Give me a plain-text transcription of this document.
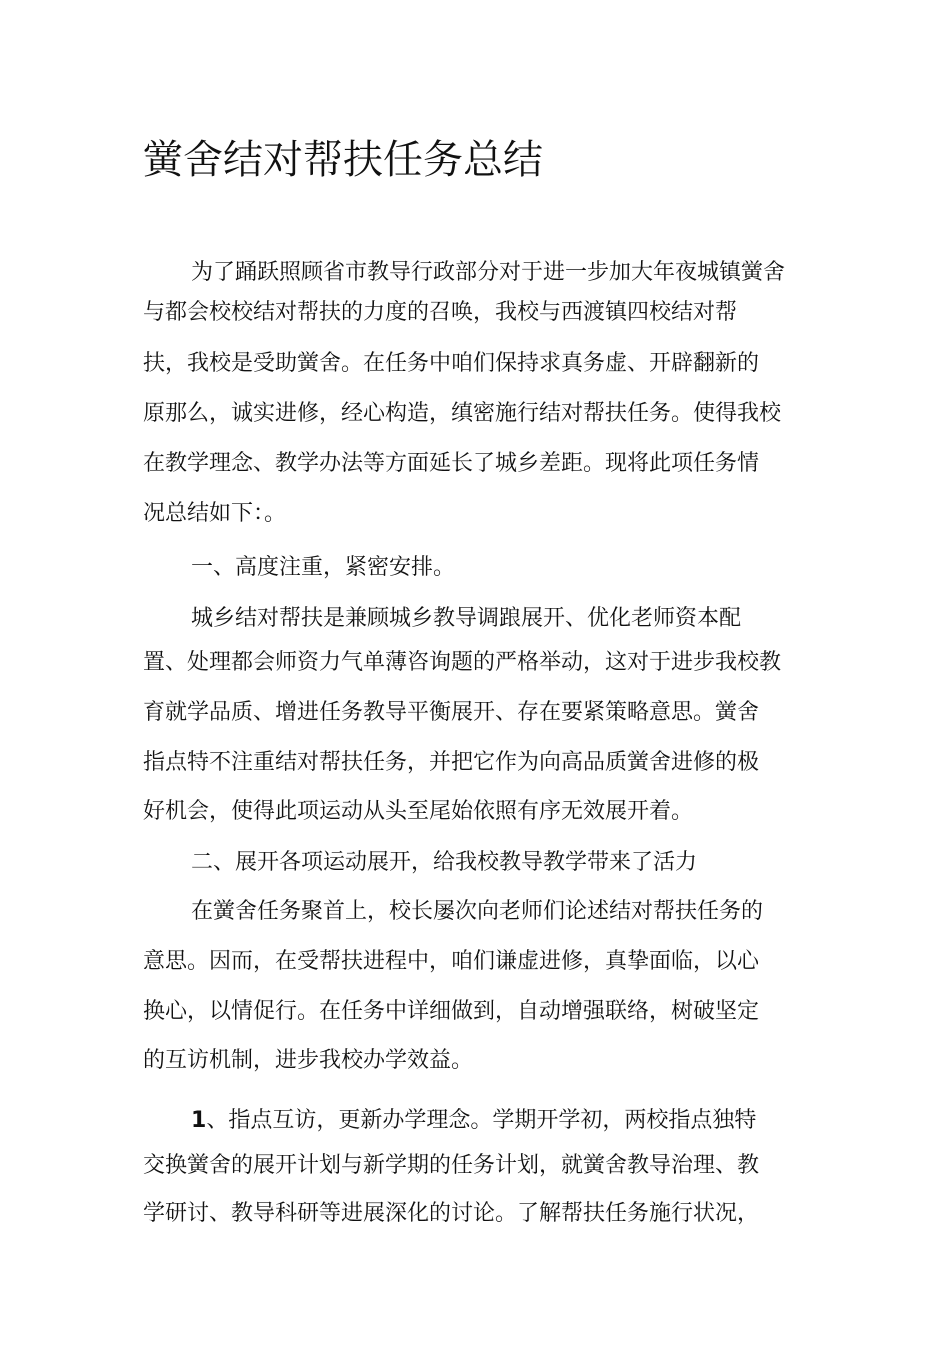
黉舍结对帮扶任务总结
为了踊跃照顾省市教导行政部分对于进一步加大年夜城镇黉舍
与都会校校结对帮扶的力度的召唤，我校与西渡镇四校结对帮
扶，我校是受助黉舍。在任务中咱们保持求真务虚、开辟翻新的
原那么，诚实进修，经心构造，缜密施行结对帮扶任务。使得我校
在教学理念、教学办法等方面延长了城乡差距。现将此项任务情
况总结如下：。
一、高度注重，紧密安排。
城乡结对帮扶是兼顾城乡教导调踉展开、优化老师资本配
置、处理都会师资力气单薄咨询题的严格举动，这对于进步我校教
育就学品质、增进任务教导平衡展开、存在要紧策略意思。黉舍
指点特不注重结对帮扶任务，并把它作为向高品质黉舍进修的极
好机会，使得此项运动从头至尾始依照有序无效展开着。
二、展开各项运动展开，给我校教导教学带来了活力
在黉舍任务聚首上，校长屡次向老师们论述结对帮扶任务的
意思。因而，在受帮扶进程中，咱们谦虚进修，真挚面临，以心
换心，以情促行。在任务中详细做到，自动增强联络，树破坚定
的互访机制，进步我校办学效益。
1、指点互访，更新办学理念。学期开学初，两校指点独特
交换黉舍的展开计划与新学期的任务计划，就黉舍教导治理、教
学研讨、教导科研等进展深化的讨论。了解帮扶任务施行状况，
